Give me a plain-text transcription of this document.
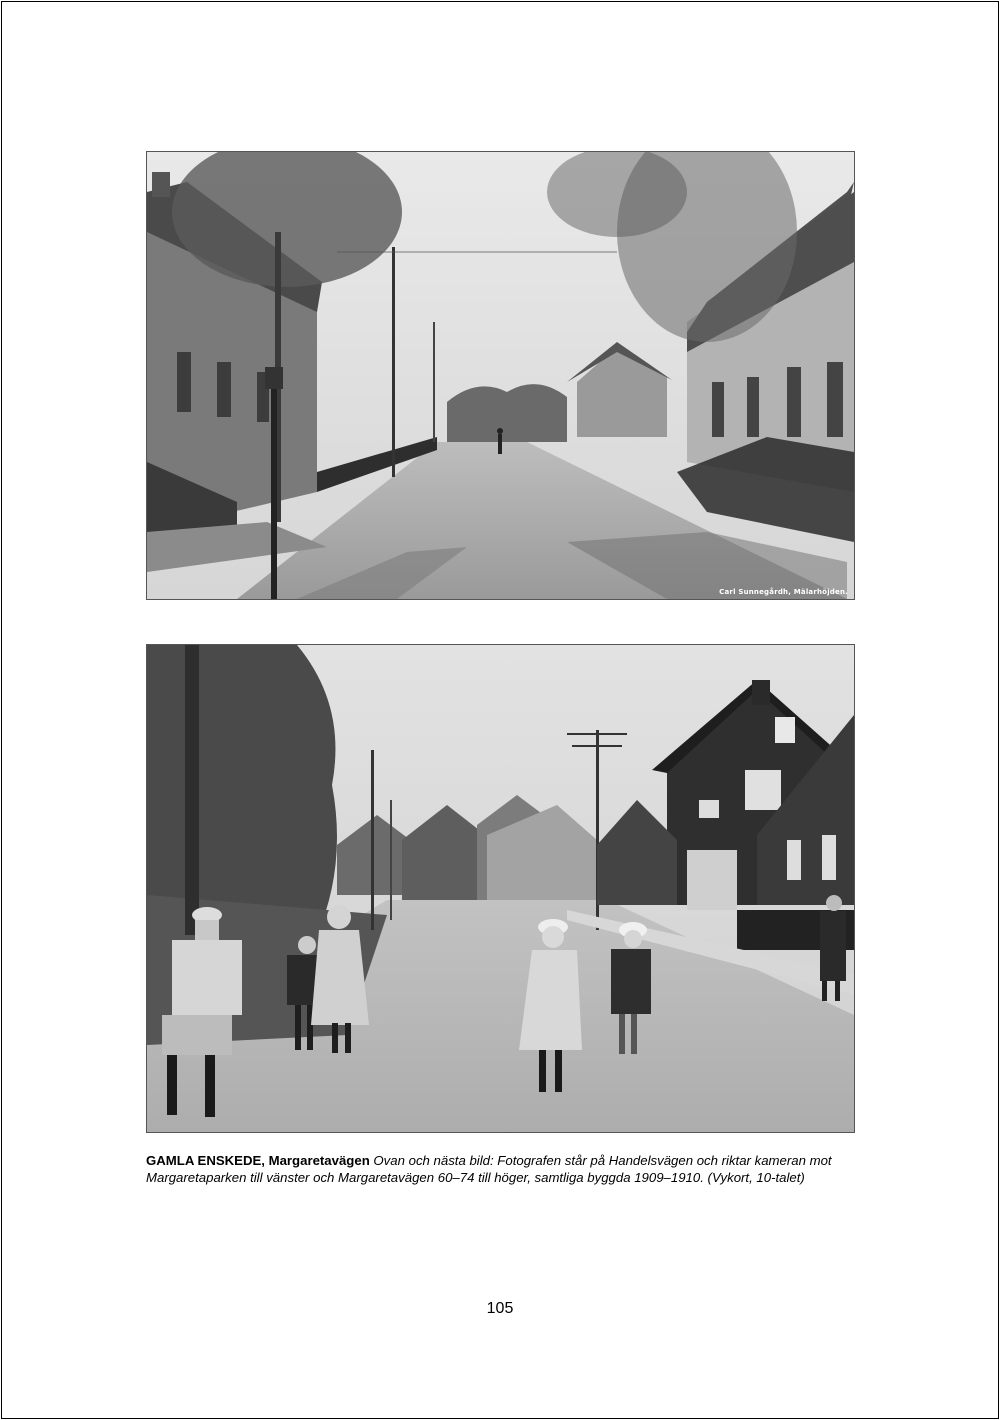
Carl Sunnegårdh, Mälarhöjden.
GAMLA ENSKEDE, Margaretavägen Ovan och nästa bild: Fotografen står på Handelsvägen och riktar kameran mot Margaretaparken till vänster och Margaretavägen 60–74 till höger, samtliga byggda 1909–1910. (Vykort, 10-talet)
105
